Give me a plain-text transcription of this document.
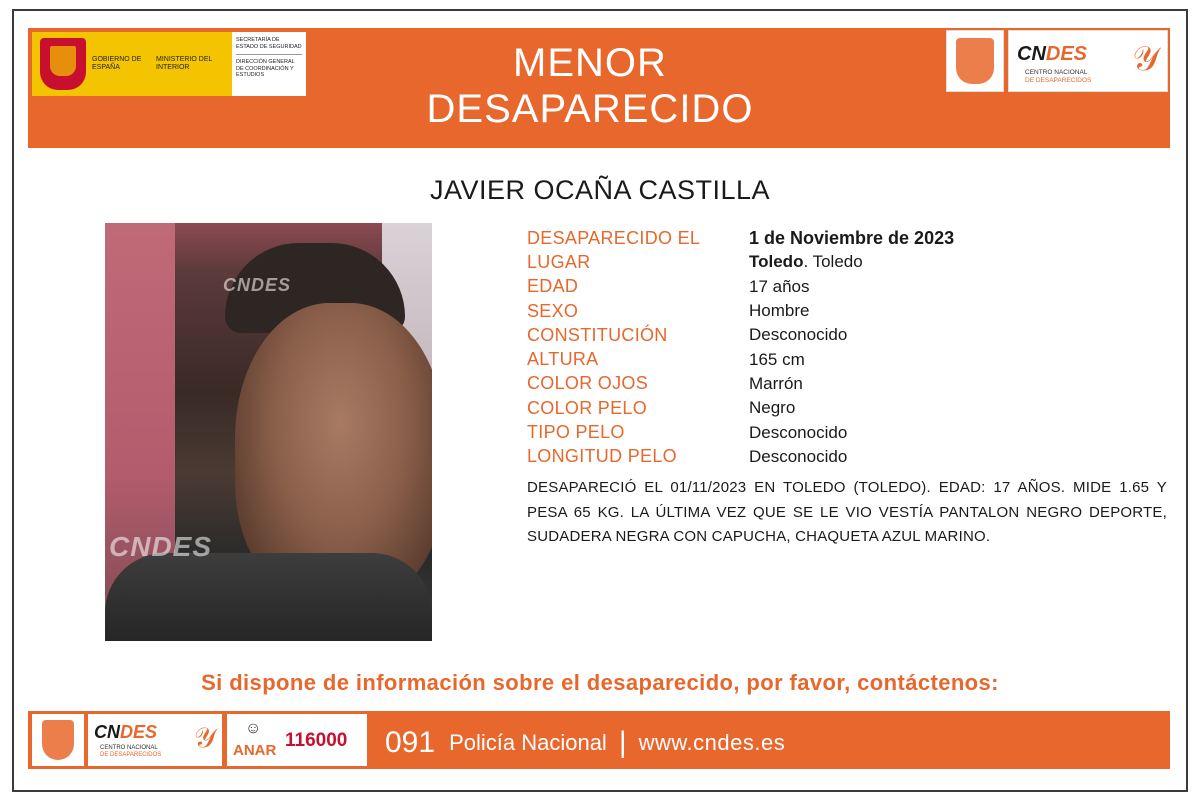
GOBIERNO DE ESPAÑA
MINISTERIO DEL INTERIOR
SECRETARÍA DE ESTADO DE SEGURIDAD
DIRECCIÓN GENERAL DE COORDINACIÓN Y ESTUDIOS	MENOR
DESAPARECIDO
CNDES
CENTRO NACIONAL
DE DESAPARECIDOS
𝒴
JAVIER OCAÑA CASTILLA
CNDES
CNDES
DESAPARECIDO EL	1 de Noviembre de 2023
LUGAR	Toledo. Toledo
EDAD	17 años
SEXO	Hombre
CONSTITUCIÓN	Desconocido
ALTURA	165 cm
COLOR OJOS	Marrón
COLOR PELO	Negro
TIPO PELO	Desconocido
LONGITUD PELO	Desconocido
DESAPARECIÓ EL 01/11/2023 EN TOLEDO (TOLEDO). EDAD: 17 AÑOS. MIDE 1.65 Y PESA 65 KG. LA ÚLTIMA VEZ QUE SE LE VIO VESTÍA PANTALON NEGRO DEPORTE, SUDADERA NEGRA CON CAPUCHA, CHAQUETA AZUL MARINO.
Si dispone de información sobre el desaparecido, por favor, contáctenos:
CNDES
CENTRO NACIONAL
DE DESAPARECIDOS
𝒴 ☺
ANAR 116000 091 Policía Nacional | www.cndes.es
